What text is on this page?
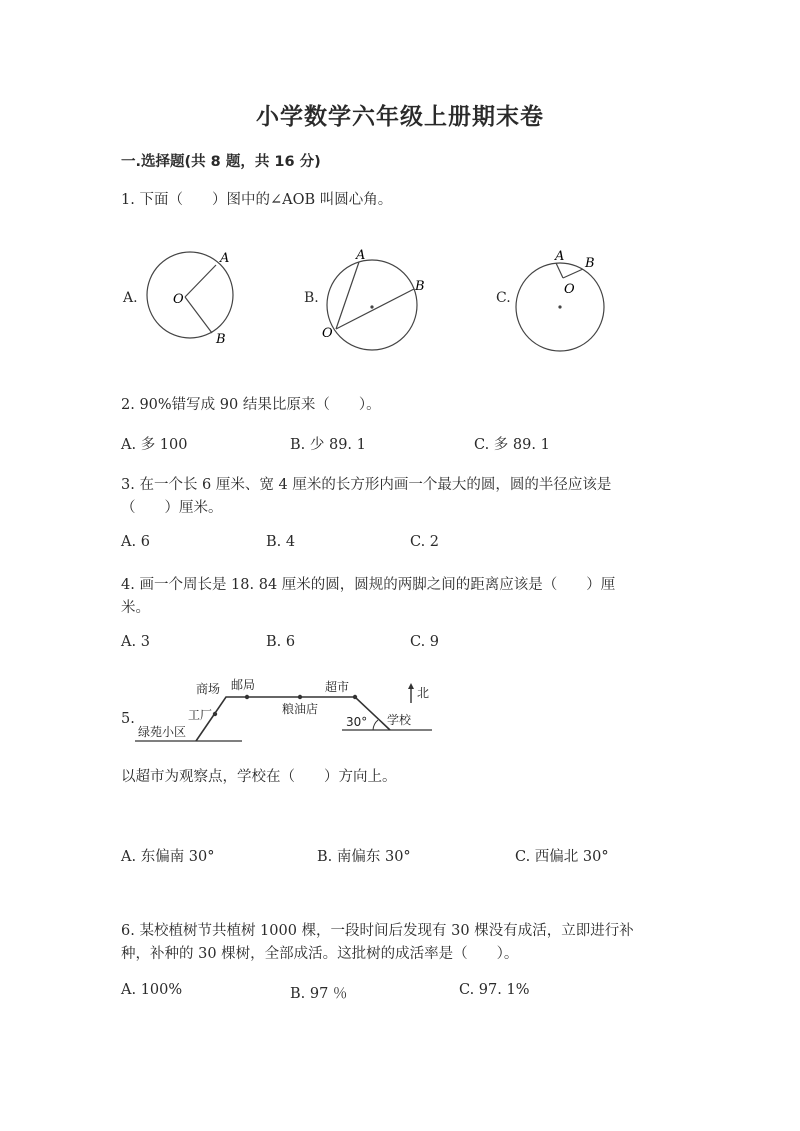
小学数学六年级上册期末卷
一.选择题(共 8 题，共 16 分)
1. 下面（　　）图中的∠AOB 叫圆心角。
A.
A
O
B
B.
A
B
O
C.
A B
O
2. 90%错写成 90 结果比原来（　　）。
A. 多 100	B. 少 89. 1	C. 多 89. 1
3. 在一个长 6 厘米、宽 4 厘米的长方形内画一个最大的圆，圆的半径应该是
（　　）厘米。
A. 6	B. 4	C. 2
4. 画一个周长是 18. 84 厘米的圆，圆规的两脚之间的距离应该是（　　）厘
米。
A. 3	B. 6	C. 9
5.
商场 邮局	超市	北
工厂	粮油店
30° 学校
绿苑小区
以超市为观察点，学校在（　　）方向上。
A. 东偏南 30°	B. 南偏东 30°	C. 西偏北 30°
6. 某校植树节共植树 1000 棵，一段时间后发现有 30 棵没有成活，立即进行补
种，补种的 30 棵树，全部成活。这批树的成活率是（　　）。
A. 100%	B. 97 ％	C. 97. 1%
